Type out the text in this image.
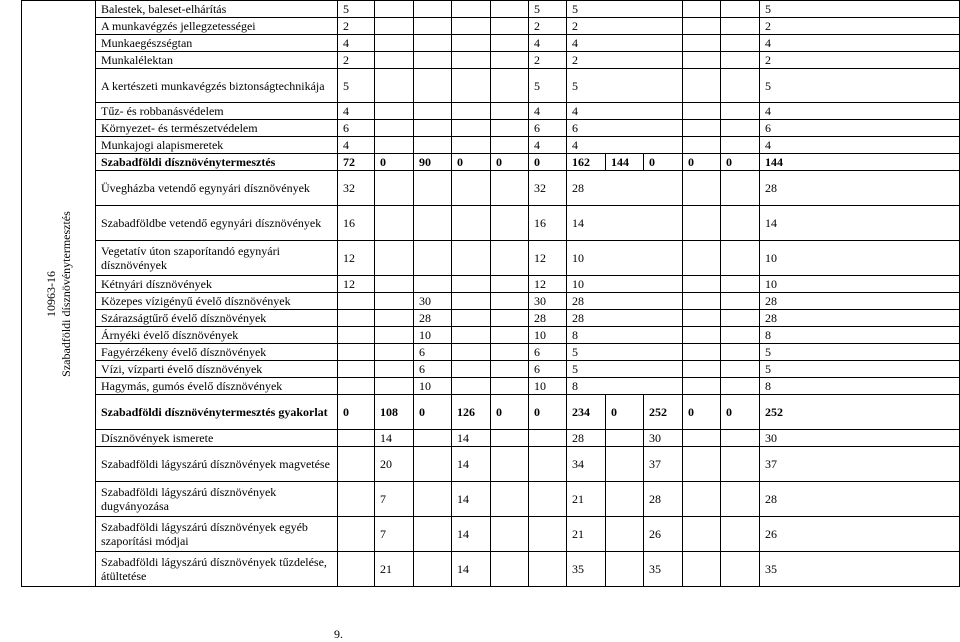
10963-16 Szabadföldi dísznövénytermesztés	Balestek, baleset-elhárítás	5					5	5					5
	A munkavégzés jellegzetességei	2					2	2					2
	Munkaegészségtan	4					4	4					4
	Munkalélektan	2					2	2					2
	A kertészeti munkavégzés biztonságtechnikája	5					5	5					5
	Tűz- és robbanásvédelem	4					4	4					4
	Környezet- és természetvédelem	6					6	6					6
	Munkajogi alapismeretek	4					4	4					4
	Szabadföldi dísznövénytermesztés	72	0	90	0	0	0	162	144	0	0	0	144
	Üvegházba vetendő egynyári dísznövények	32					32	28					28
	Szabadföldbe vetendő egynyári dísznövények	16					16	14					14
	Vegetatív úton szaporítandó egynyári dísznövények	12					12	10					10
	Kétnyári dísznövények	12					12	10					10
	Közepes vízigényű évelő dísznövények			30			30	28					28
	Szárazságtűrő évelő dísznövények			28			28	28					28
	Árnyéki évelő dísznövények			10			10	8					8
	Fagyérzékeny évelő dísznövények			6			6	5					5
	Vízi, vízparti évelő dísznövények			6			6	5					5
	Hagymás, gumós évelő dísznövények			10			10	8					8
	Szabadföldi dísznövénytermesztés gyakorlat	0	108	0	126	0	0	234	0	252	0	0	252
	Dísznövények ismerete		14		14			28		30			30
	Szabadföldi lágyszárú dísznövények magvetése		20		14			34		37			37
	Szabadföldi lágyszárú dísznövények dugványozása		7		14			21		28			28
	Szabadföldi lágyszárú dísznövények egyéb szaporítási módjai		7		14			21		26			26
	Szabadföldi lágyszárú dísznövények tűzdelése, átültetése		21		14			35		35			35
9.
